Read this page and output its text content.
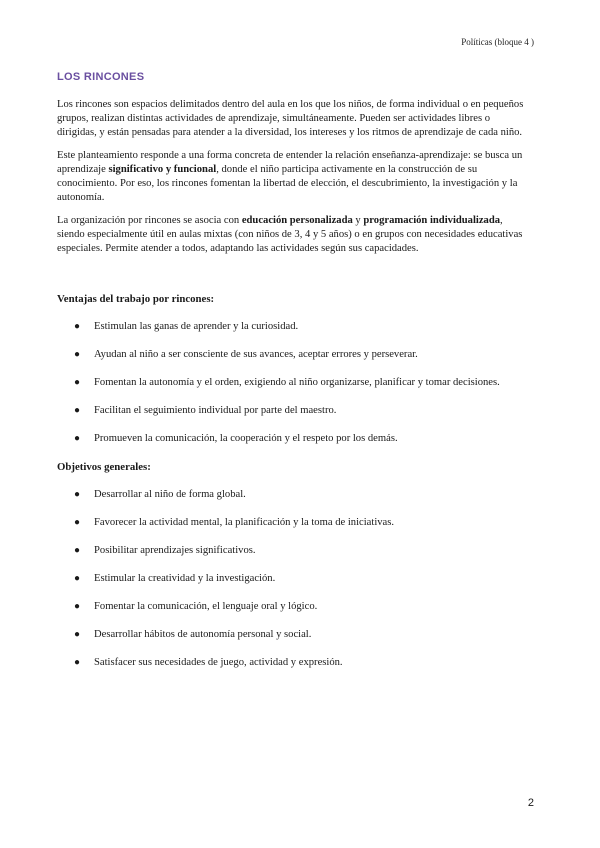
Políticas (bloque 4 )
LOS RINCONES

Los rincones son espacios delimitados dentro del aula en los que los niños, de forma individual o en pequeños grupos, realizan distintas actividades de aprendizaje, simultáneamente. Pueden ser actividades libres o dirigidas, y están pensadas para atender a la diversidad, los intereses y los ritmos de aprendizaje de cada niño.

Este planteamiento responde a una forma concreta de entender la relación enseñanza-aprendizaje: se busca un aprendizaje significativo y funcional, donde el niño participa activamente en la construcción de su conocimiento. Por eso, los rincones fomentan la libertad de elección, el descubrimiento, la investigación y la autonomía.

La organización por rincones se asocia con educación personalizada y programación individualizada, siendo especialmente útil en aulas mixtas (con niños de 3, 4 y 5 años) o en grupos con necesidades educativas especiales. Permite atender a todos, adaptando las actividades según sus capacidades.

Ventajas del trabajo por rincones:
● Estimulan las ganas de aprender y la curiosidad.
● Ayudan al niño a ser consciente de sus avances, aceptar errores y perseverar.
● Fomentan la autonomía y el orden, exigiendo al niño organizarse, planificar y tomar decisiones.
● Facilitan el seguimiento individual por parte del maestro.
● Promueven la comunicación, la cooperación y el respeto por los demás.
Objetivos generales:
● Desarrollar al niño de forma global.
● Favorecer la actividad mental, la planificación y la toma de iniciativas.
● Posibilitar aprendizajes significativos.
● Estimular la creatividad y la investigación.
● Fomentar la comunicación, el lenguaje oral y lógico.
● Desarrollar hábitos de autonomía personal y social.
● Satisfacer sus necesidades de juego, actividad y expresión.
2
